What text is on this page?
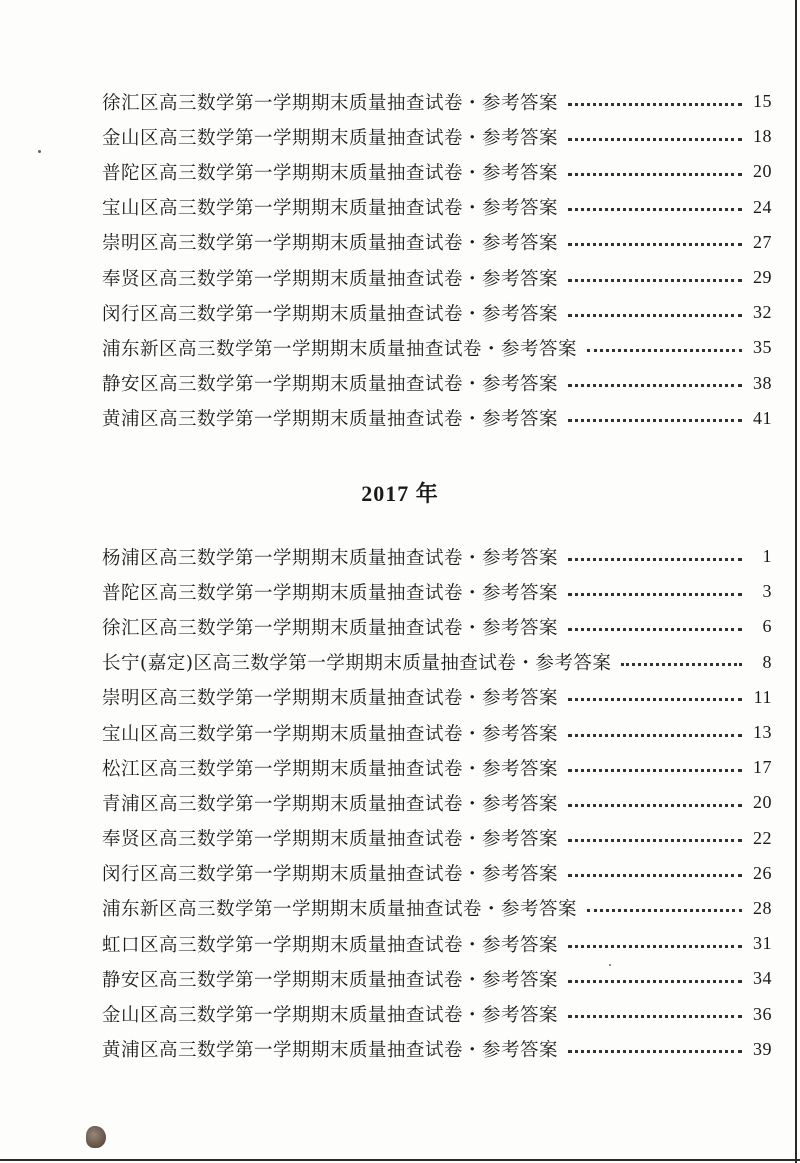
徐汇区高三数学第一学期期末质量抽查试卷・参考答案	15
金山区高三数学第一学期期末质量抽查试卷・参考答案	18
普陀区高三数学第一学期期末质量抽查试卷・参考答案	20
宝山区高三数学第一学期期末质量抽查试卷・参考答案	24
崇明区高三数学第一学期期末质量抽查试卷・参考答案	27
奉贤区高三数学第一学期期末质量抽查试卷・参考答案	29
闵行区高三数学第一学期期末质量抽查试卷・参考答案	32
浦东新区高三数学第一学期期末质量抽查试卷・参考答案	35
静安区高三数学第一学期期末质量抽查试卷・参考答案	38
黄浦区高三数学第一学期期末质量抽查试卷・参考答案	41
2017 年
杨浦区高三数学第一学期期末质量抽查试卷・参考答案	1
普陀区高三数学第一学期期末质量抽查试卷・参考答案	3
徐汇区高三数学第一学期期末质量抽查试卷・参考答案	6
长宁(嘉定)区高三数学第一学期期末质量抽查试卷・参考答案	8
崇明区高三数学第一学期期末质量抽查试卷・参考答案	11
宝山区高三数学第一学期期末质量抽查试卷・参考答案	13
松江区高三数学第一学期期末质量抽查试卷・参考答案	17
青浦区高三数学第一学期期末质量抽查试卷・参考答案	20
奉贤区高三数学第一学期期末质量抽查试卷・参考答案	22
闵行区高三数学第一学期期末质量抽查试卷・参考答案	26
浦东新区高三数学第一学期期末质量抽查试卷・参考答案	28
虹口区高三数学第一学期期末质量抽查试卷・参考答案	31
静安区高三数学第一学期期末质量抽查试卷・参考答案	34
金山区高三数学第一学期期末质量抽查试卷・参考答案	36
黄浦区高三数学第一学期期末质量抽查试卷・参考答案	39
